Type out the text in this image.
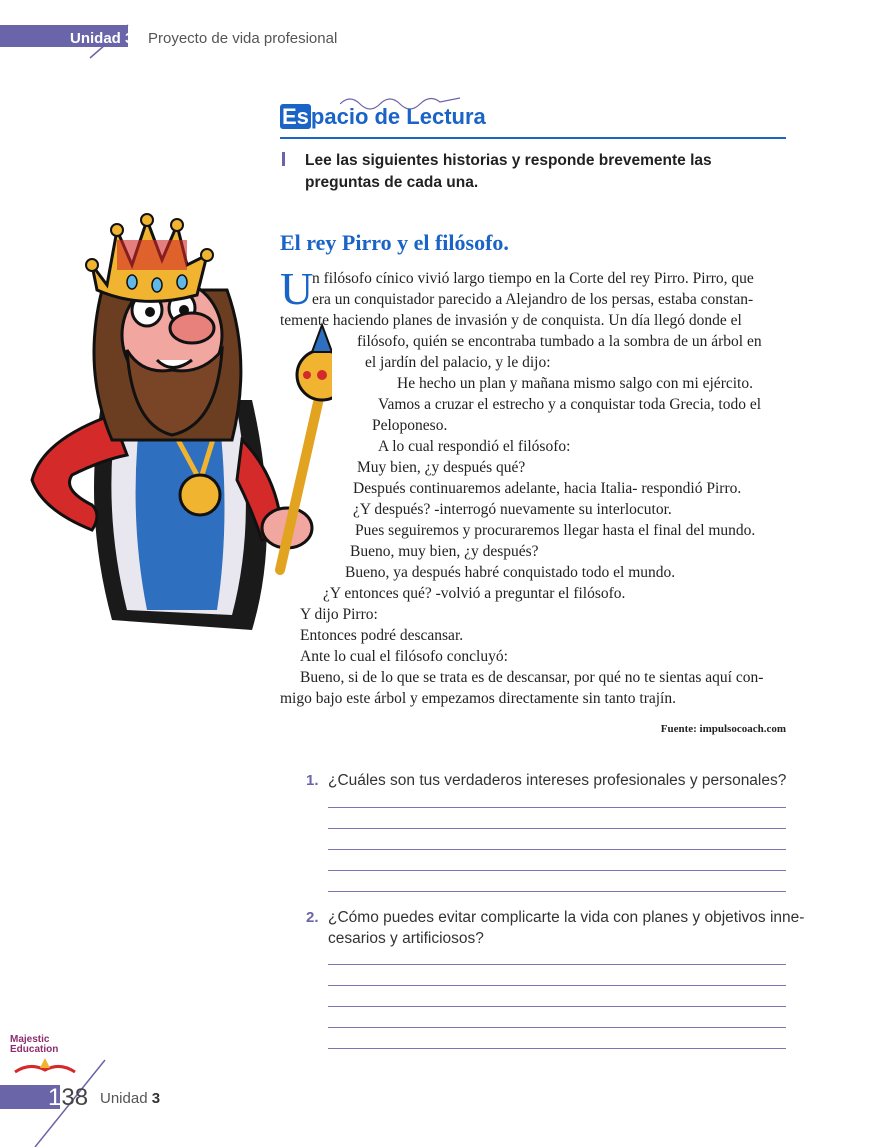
Unidad 3. Proyecto de vida profesional
Espacio de Lectura
Lee las siguientes historias y responde brevemente las preguntas de cada una.
El rey Pirro y el filósofo.
U
n filósofo cínico vivió largo tiempo en la Corte del rey Pirro. Pirro, que
era un conquistador parecido a Alejandro de los persas, estaba constan-
temente haciendo planes de invasión y de conquista. Un día llegó donde el
filósofo, quién se encontraba tumbado a la sombra de un árbol en
el jardín del palacio, y le dijo:
He hecho un plan y mañana mismo salgo con mi ejército.
Vamos a cruzar el estrecho y a conquistar toda Grecia, todo el
Peloponeso.
A lo cual respondió el filósofo:
Muy bien, ¿y después qué?
Después continuaremos adelante, hacia Italia- respondió Pirro.
¿Y después? -interrogó nuevamente su interlocutor.
Pues seguiremos y procuraremos llegar hasta el final del mundo.
Bueno, muy bien, ¿y después?
Bueno, ya después habré conquistado todo el mundo.
¿Y entonces qué? -volvió a preguntar el filósofo.
Y dijo Pirro:
Entonces podré descansar.
Ante lo cual el filósofo concluyó:
Bueno, si de lo que se trata es de descansar, por qué no te sientas aquí con-
migo bajo este árbol y empezamos directamente sin tanto trajín.
Fuente: impulsocoach.com
1. ¿Cuáles son tus verdaderos intereses profesionales y personales?
2. ¿Cómo puedes evitar complicarte la vida con planes y objetivos inne-
cesarios y artificiosos?
Majestic
Education
138 Unidad 3
